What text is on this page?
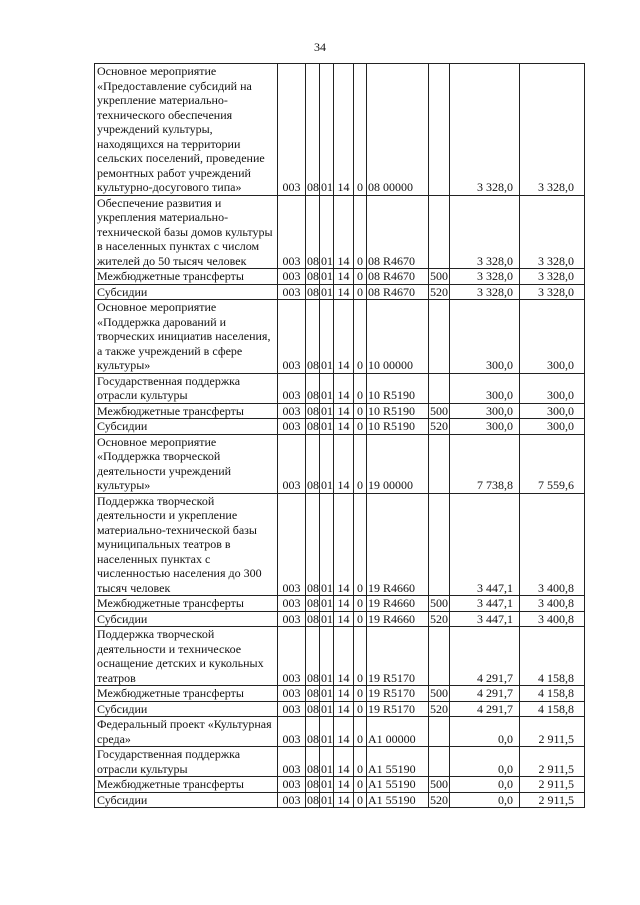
34
Основное мероприятие «Предоставление субсидий на укрепление материально-технического обеспечения учреждений культуры, находящихся на территории сельских поселений, проведение ремонтных работ учреждений культурно-досугового типа»	003	08	01	14	0	08 00000		3 328,0	3 328,0
Обеспечение развития и укрепления материально-технической базы домов культуры в населенных пунктах с числом жителей до 50 тысяч человек	003	08	01	14	0	08 R4670		3 328,0	3 328,0
Межбюджетные трансферты	003	08	01	14	0	08 R4670	500	3 328,0	3 328,0
Субсидии	003	08	01	14	0	08 R4670	520	3 328,0	3 328,0
Основное мероприятие «Поддержка дарований и творческих инициатив населения, а также учреждений в сфере культуры»	003	08	01	14	0	10 00000		300,0	300,0
Государственная поддержка отрасли культуры	003	08	01	14	0	10 R5190		300,0	300,0
Межбюджетные трансферты	003	08	01	14	0	10 R5190	500	300,0	300,0
Субсидии	003	08	01	14	0	10 R5190	520	300,0	300,0
Основное мероприятие «Поддержка творческой деятельности учреждений культуры»	003	08	01	14	0	19 00000		7 738,8	7 559,6
Поддержка творческой деятельности и укрепление материально-технической базы муниципальных театров в населенных пунктах с численностью населения до 300 тысяч человек	003	08	01	14	0	19 R4660		3 447,1	3 400,8
Межбюджетные трансферты	003	08	01	14	0	19 R4660	500	3 447,1	3 400,8
Субсидии	003	08	01	14	0	19 R4660	520	3 447,1	3 400,8
Поддержка творческой деятельности и техническое оснащение детских и кукольных театров	003	08	01	14	0	19 R5170		4 291,7	4 158,8
Межбюджетные трансферты	003	08	01	14	0	19 R5170	500	4 291,7	4 158,8
Субсидии	003	08	01	14	0	19 R5170	520	4 291,7	4 158,8
Федеральный проект «Культурная среда»	003	08	01	14	0	A1 00000		0,0	2 911,5
Государственная поддержка отрасли культуры	003	08	01	14	0	A1 55190		0,0	2 911,5
Межбюджетные трансферты	003	08	01	14	0	A1 55190	500	0,0	2 911,5
Субсидии	003	08	01	14	0	A1 55190	520	0,0	2 911,5
